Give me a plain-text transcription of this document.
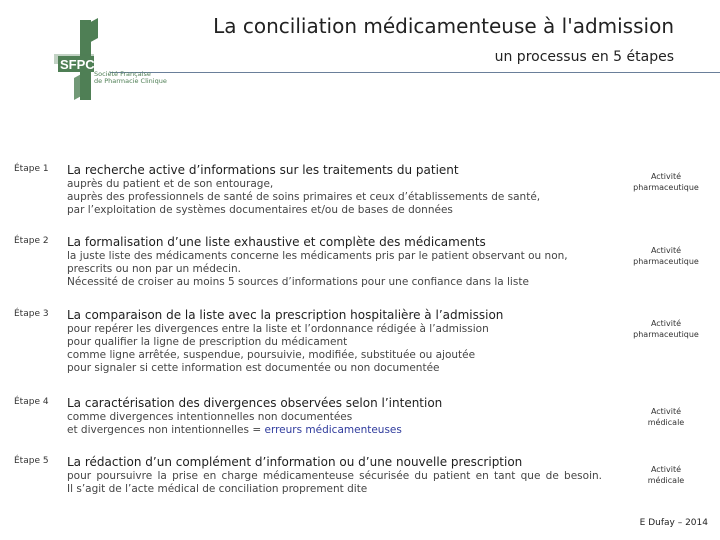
La conciliation médicamenteuse à l'admission
un processus en 5 étapes
SFPC
Société Française
de Pharmacie Clinique
Étape 1 La recherche active d’informations sur les traitements du patient
auprès du patient et de son entourage,
auprès des professionnels de santé de soins primaires et ceux d’établissements de santé,
par l’exploitation de systèmes documentaires et/ou de bases de données
Activité
pharmaceutique
Étape 2 La formalisation d’une liste exhaustive et complète des médicaments
la juste liste des médicaments concerne les médicaments pris par le patient observant ou non,
prescrits ou non par un médecin.
Nécessité de croiser au moins 5 sources d’informations pour une confiance dans la liste
Activité
pharmaceutique
Étape 3 La comparaison de la liste avec la prescription hospitalière à l’admission
pour repérer les divergences entre la liste et l’ordonnance rédigée à l’admission
pour qualifier la ligne de prescription du médicament
comme ligne arrêtée, suspendue, poursuivie, modifiée, substituée ou ajoutée
pour signaler si cette information est documentée ou non documentée
Activité
pharmaceutique
Étape 4 La caractérisation des divergences observées selon l’intention
comme divergences intentionnelles non documentées
et divergences non intentionnelles = erreurs médicamenteuses
Activité
médicale
Étape 5 La rédaction d’un complément d’information ou d’une nouvelle prescription
pour poursuivre la prise en charge médicamenteuse sécurisée du patient en tant que de besoin.
Il s’agit de l’acte médical de conciliation proprement dite
Activité
médicale
E Dufay – 2014
